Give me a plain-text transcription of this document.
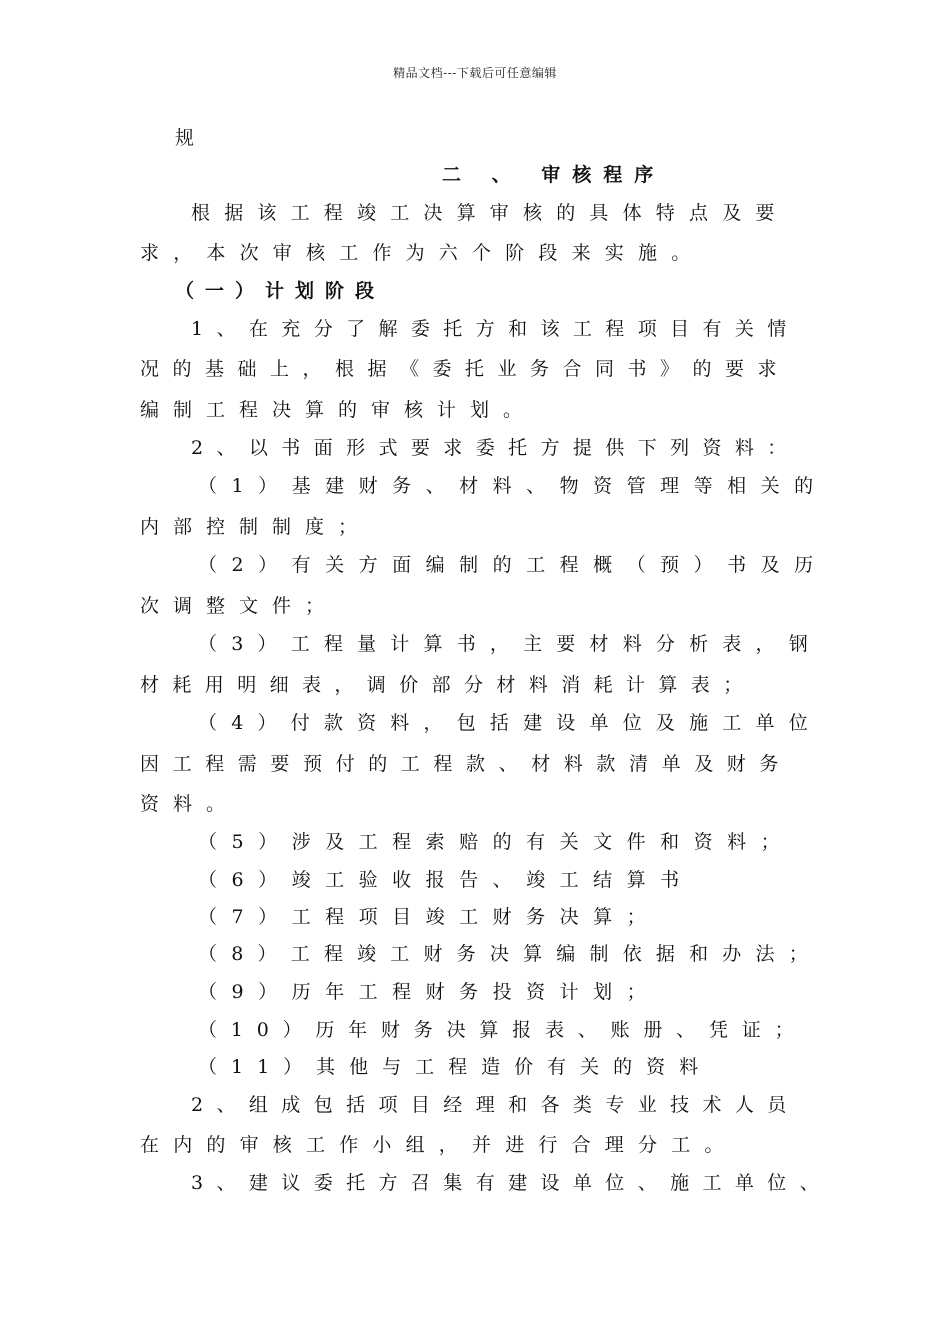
精品文档---下载后可任意编辑
规
二 、 审核程序
根据该工程竣工决算审核的具体特点及要
求，本次审核工作为六个阶段来实施。
（一）计划阶段
1、在充分了解委托方和该工程项目有关情
况的基础上，根据《委托业务合同书》的要求
编制工程决算的审核计划。
2、以书面形式要求委托方提供下列资料：
（1）基建财务、材料、物资管理等相关的
内部控制制度；
（2）有关方面编制的工程概（预）书及历
次调整文件；
（3）工程量计算书，主要材料分析表，钢
材耗用明细表，调价部分材料消耗计算表；
（4）付款资料，包括建设单位及施工单位
因工程需要预付的工程款、材料款清单及财务
资料。
（5）涉及工程索赔的有关文件和资料；
（6）竣工验收报告、竣工结算书
（7）工程项目竣工财务决算；
（8）工程竣工财务决算编制依据和办法；
（9）历年工程财务投资计划；
（10）历年财务决算报表、账册、凭证；
（11）其他与工程造价有关的资料
2、组成包括项目经理和各类专业技术人员
在内的审核工作小组，并进行合理分工。
3、建议委托方召集有建设单位、施工单位、
